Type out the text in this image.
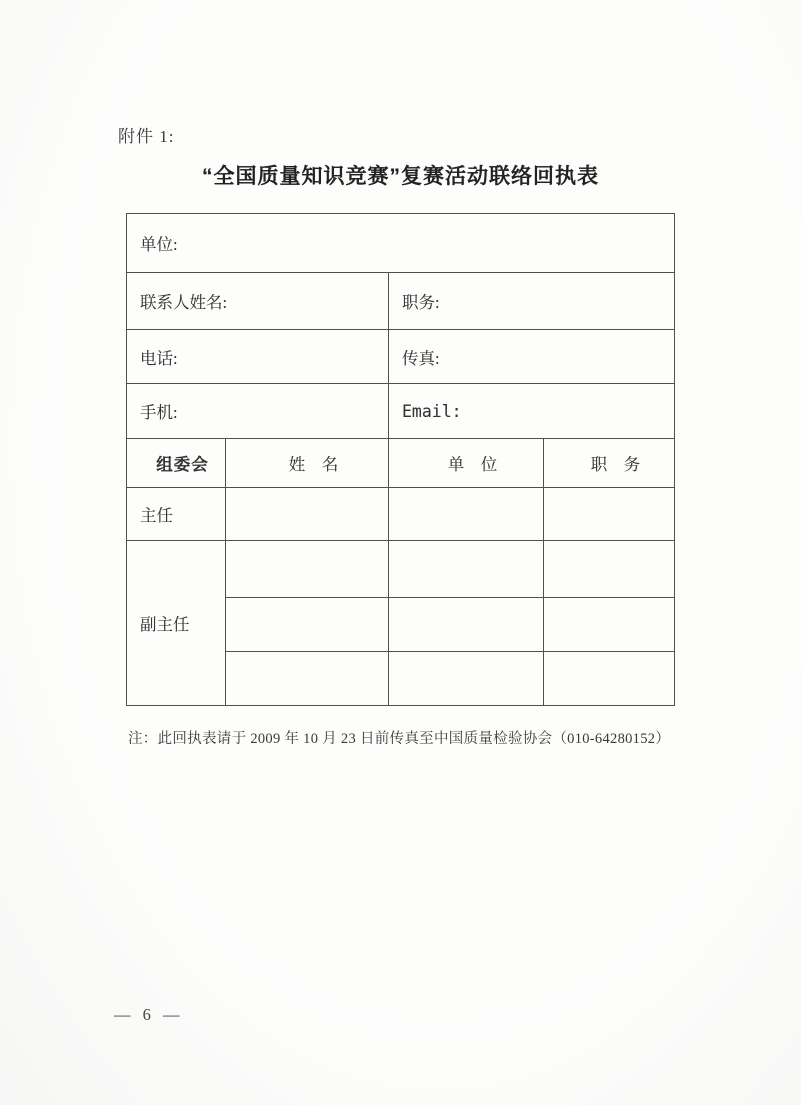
附件 1:
“全国质量知识竞赛”复赛活动联络回执表
单位:			
联系人姓名:		职务:	
电话:		传真:	
手机:		Email:	
组委会	姓　名	单　位	职　务
主任			
副主任			

注：此回执表请于 2009 年 10 月 23 日前传真至中国质量检验协会（010-64280152）
— 6 —
